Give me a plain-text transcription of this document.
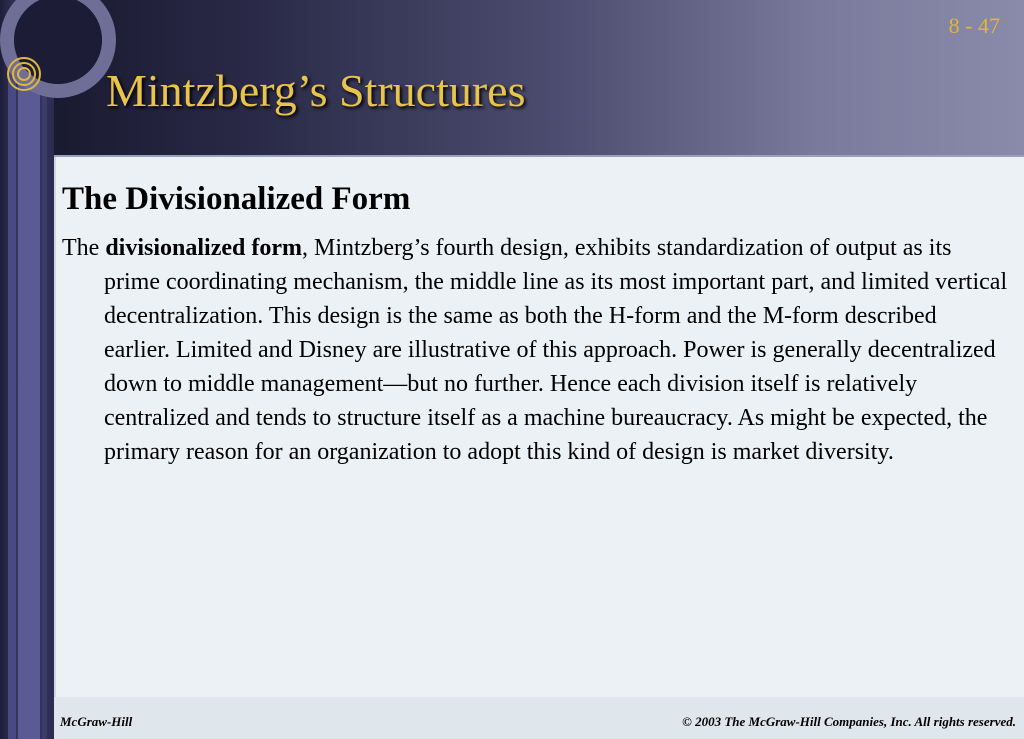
8 - 47
Mintzberg’s Structures
The Divisionalized Form

The divisionalized form, Mintzberg’s fourth design, exhibits standardization of output as its prime coordinating mechanism, the middle line as its most important part, and limited vertical decentralization. This design is the same as both the H-form and the M-form described earlier. Limited and Disney are illustrative of this approach. Power is generally decentralized down to middle management—but no further. Hence each division itself is relatively centralized and tends to structure itself as a machine bureaucracy. As might be expected, the primary reason for an organization to adopt this kind of design is market diversity.

McGraw-Hill	© 2003 The McGraw-Hill Companies, Inc. All rights reserved.
